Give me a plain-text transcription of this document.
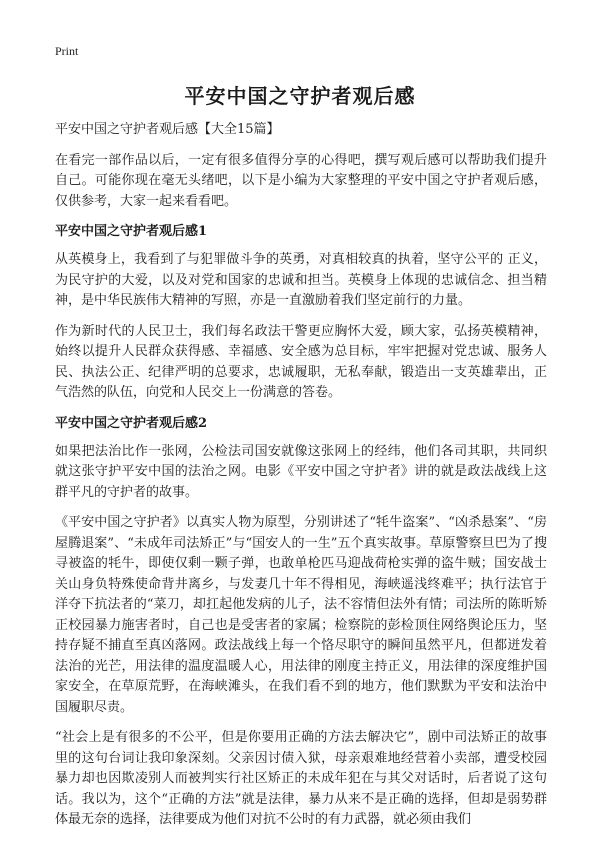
Print
平安中国之守护者观后感

平安中国之守护者观后感【大全15篇】

在看完一部作品以后，一定有很多值得分享的心得吧，撰写观后感可以帮助我们提升自己。可能你现在毫无头绪吧，以下是小编为大家整理的平安中国之守护者观后感，仅供参考，大家一起来看看吧。

平安中国之守护者观后感1

从英模身上，我看到了与犯罪做斗争的英勇，对真相较真的执着，坚守公平的 正义，为民守护的大爱，以及对党和国家的忠诚和担当。英模身上体现的忠诚信念、担当精神，是中华民族伟大精神的写照，亦是一直激励着我们坚定前行的力量。

作为新时代的人民卫士，我们每名政法干警更应胸怀大爱，顾大家，弘扬英模精神，始终以提升人民群众获得感、幸福感、安全感为总目标，牢牢把握对党忠诚、服务人民、执法公正、纪律严明的总要求，忠诚履职，无私奉献，锻造出一支英雄辈出，正气浩然的队伍，向党和人民交上一份满意的答卷。

平安中国之守护者观后感2

如果把法治比作一张网，公检法司国安就像这张网上的经纬，他们各司其职，共同织就这张守护平安中国的法治之网。电影《平安中国之守护者》讲的就是政法战线上这群平凡的守护者的故事。

《平安中国之守护者》以真实人物为原型，分别讲述了“牦牛盗案”、“凶杀悬案”、“房屋腾退案”、“未成年司法矫正”与“国安人的一生”五个真实故事。草原警察旦巴为了搜寻被盗的牦牛，即使仅剩一颗子弹，也敢单枪匹马迎战荷枪实弹的盗牛贼；国安战士关山身负特殊使命背井离乡，与发妻几十年不得相见，海峡遥浅终难平；执行法官于洋夺下抗法者的“菜刀，却扛起他发病的儿子，法不容情但法外有情；司法所的陈昕矫正校园暴力施害者时，自己也是受害者的家属；检察院的彭检顶住网络舆论压力，坚持存疑不捕直至真凶落网。政法战线上每一个恪尽职守的瞬间虽然平凡，但都迸发着法治的光芒，用法律的温度温暖人心，用法律的刚度主持正义，用法律的深度维护国家安全，在草原荒野，在海峡滩头，在我们看不到的地方，他们默默为平安和法治中国履职尽责。

“社会上是有很多的不公平，但是你要用正确的方法去解决它”，剧中司法矫正的故事里的这句台词让我印象深刻。父亲因讨债入狱，母亲艰难地经营着小卖部，遭受校园暴力却也因欺凌别人而被判实行社区矫正的未成年犯在与其父对话时，后者说了这句话。我以为，这个“正确的方法”就是法律，暴力从来不是正确的选择，但却是弱势群体最无奈的选择，法律要成为他们对抗不公时的有力武器，就必须由我们
